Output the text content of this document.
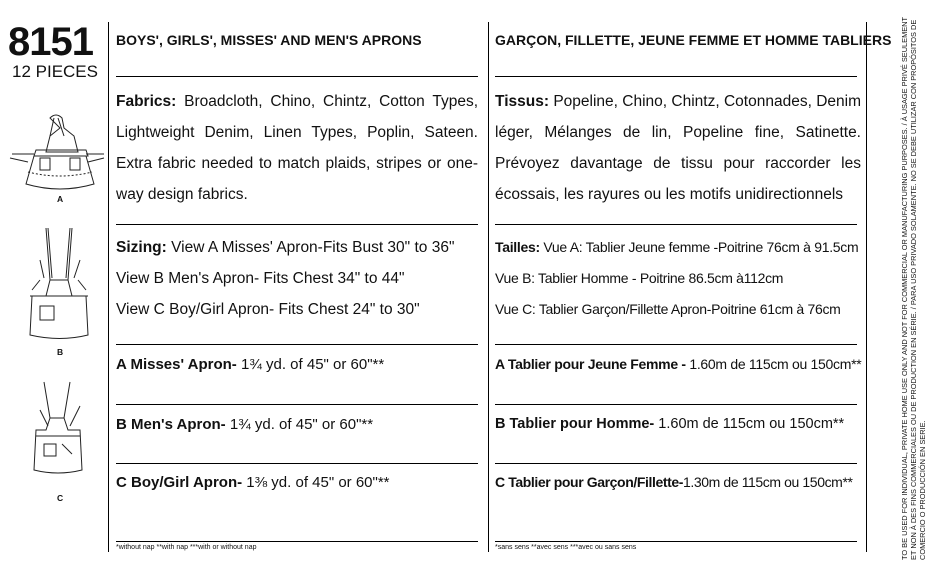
8151
12 PIECES
A
B
C
BOYS', GIRLS', MISSES' AND MEN'S APRONS
Fabrics: Broadcloth, Chino, Chintz, Cotton Types, Lightweight Denim, Linen Types, Poplin, Sateen. Extra fabric needed to match plaids, stripes or one-way design fabrics.
Sizing: View A Misses' Apron-Fits Bust 30" to 36"
View B Men's Apron- Fits Chest 34" to 44"
View C Boy/Girl Apron- Fits Chest 24" to 30"
A Misses' Apron- 1¾ yd. of 45" or 60"**
B Men's Apron- 1¾ yd. of 45" or 60"**
C Boy/Girl Apron- 1⅜ yd. of 45" or 60"**
*without nap **with nap ***with or without nap
GARÇON, FILLETTE, JEUNE FEMME ET HOMME TABLIERS
Tissus: Popeline, Chino, Chintz, Cotonnades, Denim léger, Mélanges de lin, Popeline fine, Satinette. Prévoyez davantage de tissu pour raccorder les écossais, les rayures ou les motifs unidirectionnels
Tailles: Vue A: Tablier Jeune femme -Poitrine 76cm à 91.5cm
Vue B: Tablier Homme - Poitrine 86.5cm à112cm
Vue C: Tablier Garçon/Fillette Apron-Poitrine 61cm à 76cm
A Tablier pour Jeune Femme - 1.60m de 115cm ou 150cm**
B Tablier pour Homme- 1.60m de 115cm ou 150cm**
C Tablier pour Garçon/Fillette-1.30m de 115cm ou 150cm**
*sans sens **avec sens ***avec ou sans sens	TO BE USED FOR INDIVIDUAL, PRIVATE HOME USE ONLY AND NOT FOR COMMERCIAL OR MANUFACTURING PURPOSES. / À USAGE PRIVÉ SEULEMENT ET NON À DES FINS COMMERCIALES OU DE PRODUCTION EN SÉRIE. / PARA USO PRIVADO SOLAMENTE. NO SE DEBE UTILIZAR CON PROPÓSITOS DE COMERCIO O PRODUCCIÓN EN SERIE.
